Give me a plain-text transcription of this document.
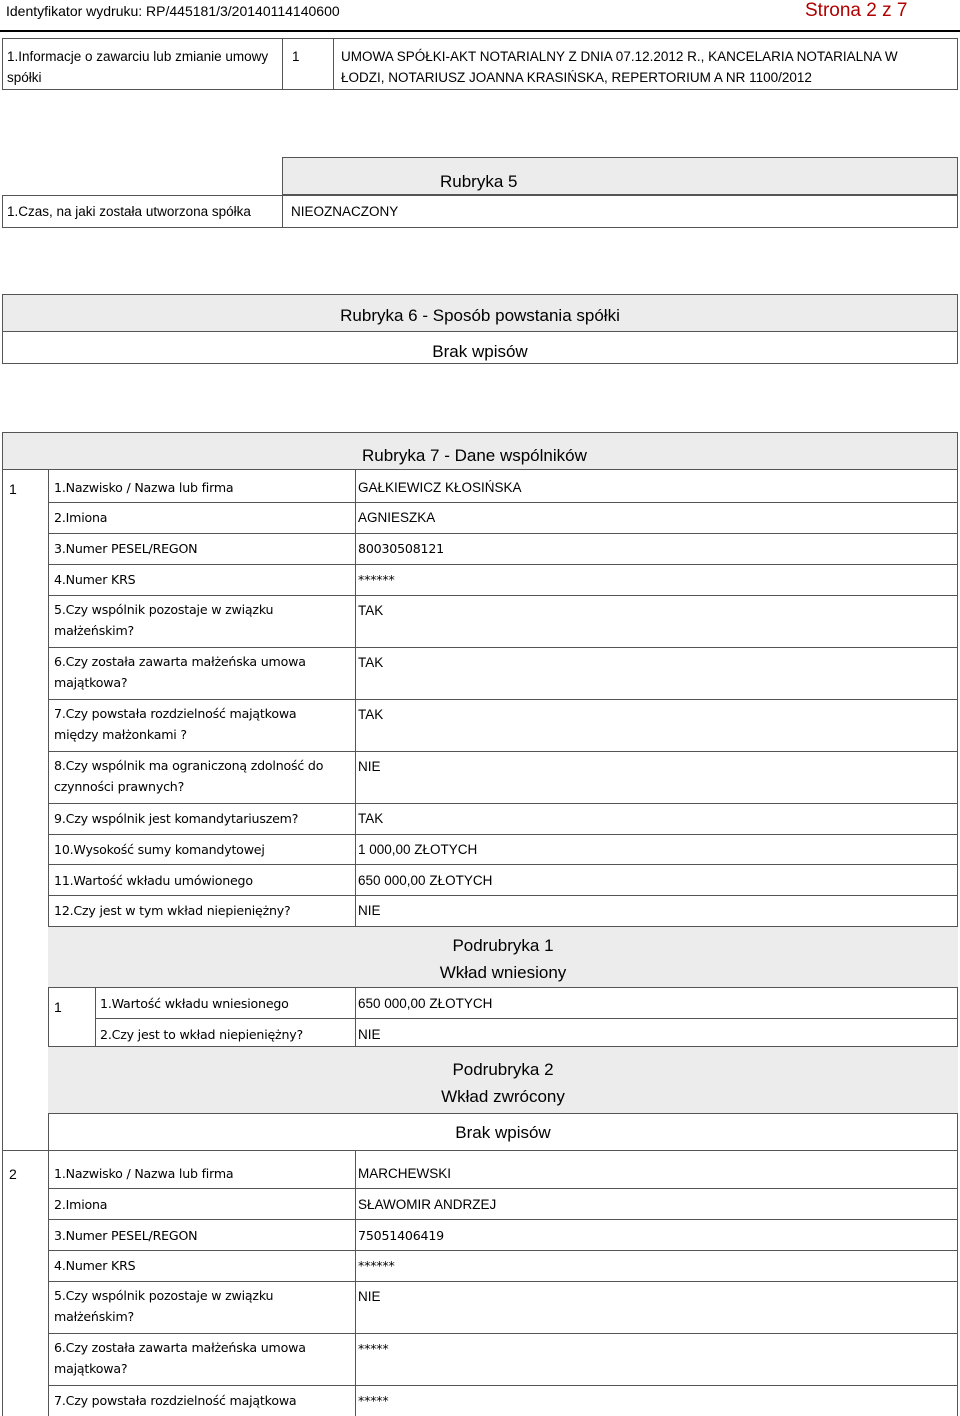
Identyfikator wydruku: RP/445181/3/20140114140600	Strona 2 z 7
1.Informacje o zawarciu lub zmianie umowy spółki
1	UMOWA SPÓŁKI-AKT NOTARIALNY Z DNIA 07.12.2012 R., KANCELARIA NOTARIALNA W
ŁODZI, NOTARIUSZ JOANNA KRASIŃSKA, REPERTORIUM A NR 1100/2012
Rubryka 5
1.Czas, na jaki została utworzona spółka	NIEOZNACZONY
Rubryka 6 - Sposób powstania spółki
Brak wpisów
Rubryka 7 - Dane wspólników
1	1.Nazwisko / Nazwa lub firma	GAŁKIEWICZ KŁOSIŃSKA
2.Imiona	AGNIESZKA
3.Numer PESEL/REGON	80030508121
4.Numer KRS	******
5.Czy wspólnik pozostaje w związku małżeńskim?
TAK
6.Czy została zawarta małżeńska umowa majątkowa?
TAK
7.Czy powstała rozdzielność majątkowa między małżonkami ?
TAK
8.Czy wspólnik ma ograniczoną zdolność do czynności prawnych?
NIE
9.Czy wspólnik jest komandytariuszem?	TAK
10.Wysokość sumy komandytowej	1 000,00 ZŁOTYCH
11.Wartość wkładu umówionego	650 000,00 ZŁOTYCH
12.Czy jest w tym wkład niepieniężny?	NIE
Podrubryka 1
Wkład wniesiony
1	1.Wartość wkładu wniesionego	650 000,00 ZŁOTYCH
2.Czy jest to wkład niepieniężny?	NIE
Podrubryka 2
Wkład zwrócony
Brak wpisów
2	1.Nazwisko / Nazwa lub firma	MARCHEWSKI
2.Imiona	SŁAWOMIR ANDRZEJ
3.Numer PESEL/REGON	75051406419
4.Numer KRS	******
5.Czy wspólnik pozostaje w związku małżeńskim?
NIE
6.Czy została zawarta małżeńska umowa majątkowa?
*****
7.Czy powstała rozdzielność majątkowa	*****
